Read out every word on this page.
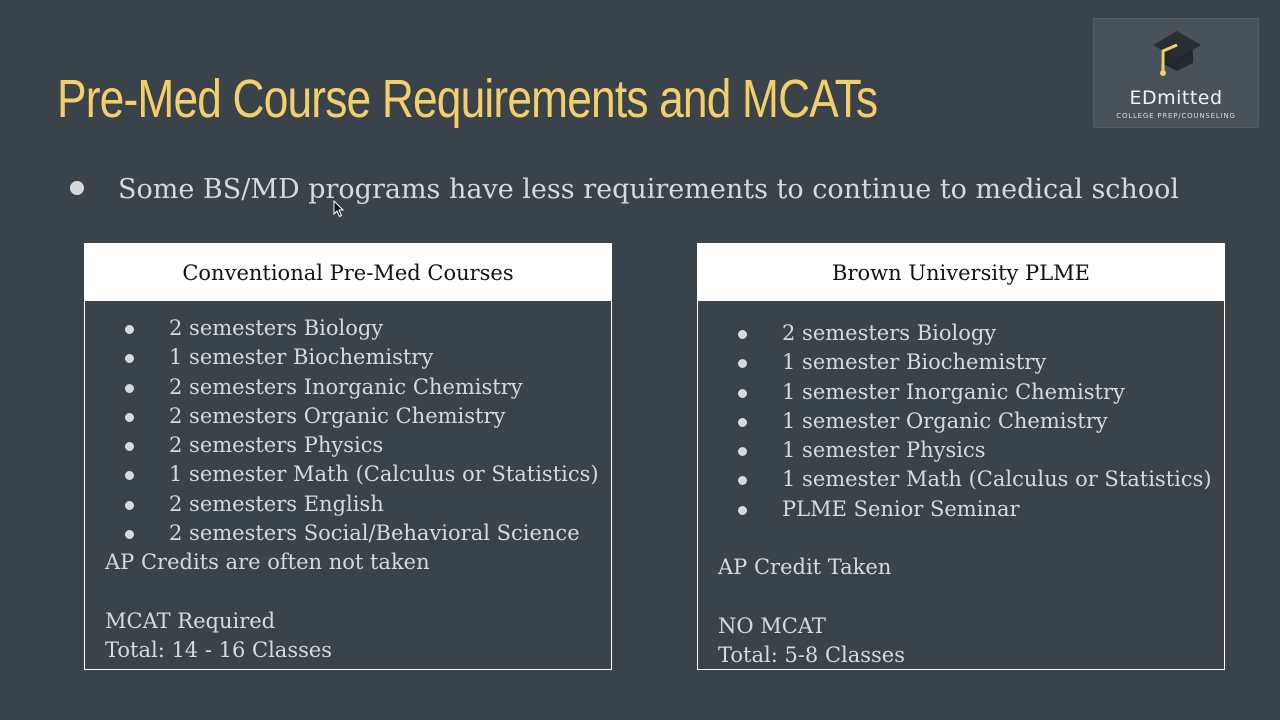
Pre-Med Course Requirements and MCATs	EDmitted
COLLEGE PREP/COUNSELING
Some BS/MD programs have less requirements to continue to medical school
Conventional Pre-Med Courses
2 semesters Biology
1 semester Biochemistry
2 semesters Inorganic Chemistry
2 semesters Organic Chemistry
2 semesters Physics
1 semester Math (Calculus or Statistics)
2 semesters English
2 semesters Social/Behavioral Science
AP Credits are often not taken
MCAT Required
Total: 14 - 16 Classes
Brown University PLME
2 semesters Biology
1 semester Biochemistry
1 semester Inorganic Chemistry
1 semester Organic Chemistry
1 semester Physics
1 semester Math (Calculus or Statistics)
PLME Senior Seminar
AP Credit Taken
NO MCAT
Total: 5-8 Classes
